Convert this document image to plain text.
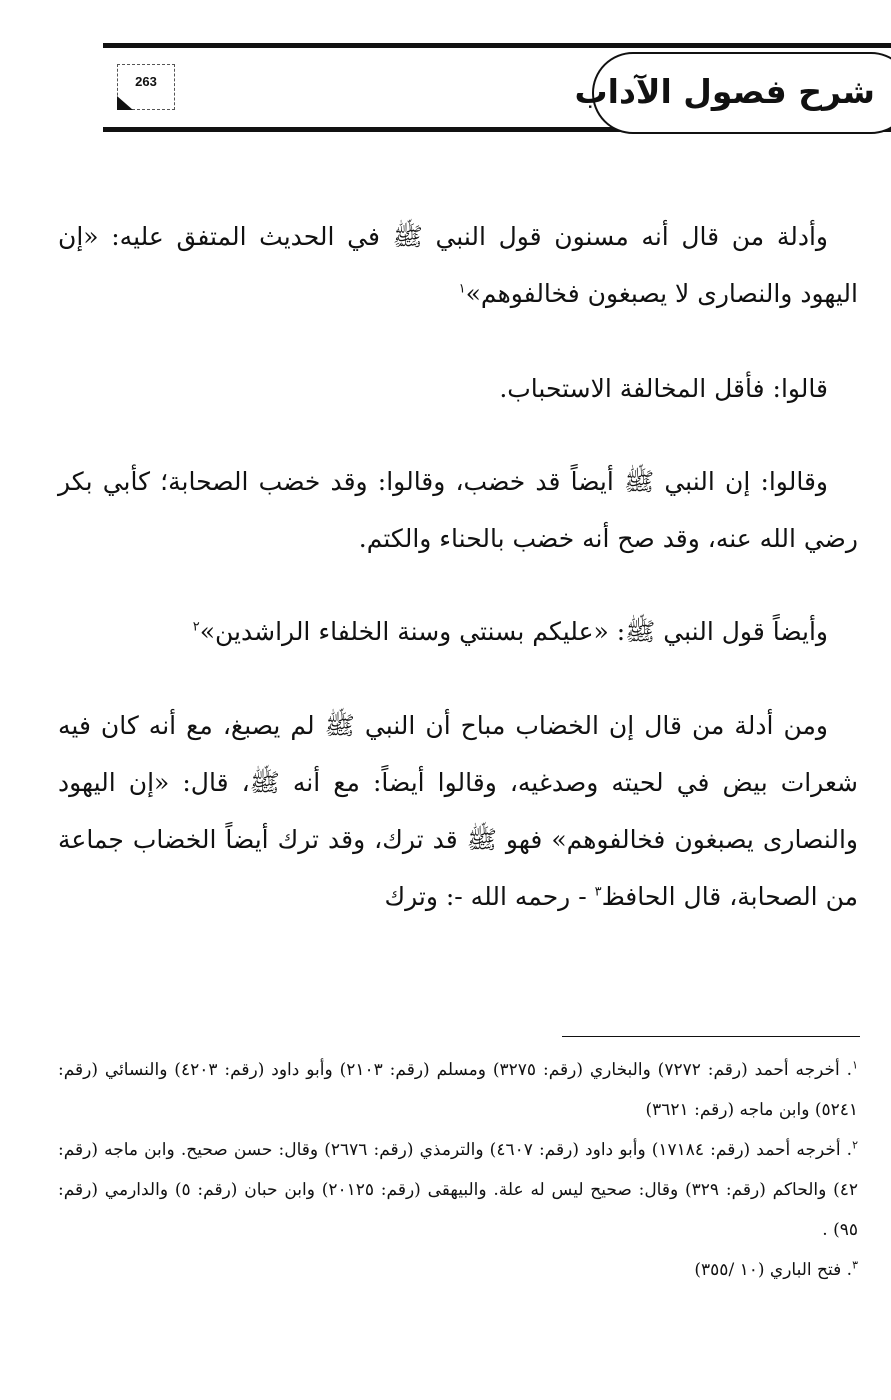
شرح فصول الآداب
263

وأدلة من قال أنه مسنون قول النبي ﷺ في الحديث المتفق عليه: «إن اليهود والنصارى لا يصبغون فخالفوهم»$^١$

قالوا: فأقل المخالفة الاستحباب.

وقالوا: إن النبي ﷺ أيضاً قد خضب، وقالوا: وقد خضب الصحابة؛ كأبي بكر رضي الله عنه، وقد صح أنه خضب بالحناء والكتم.

وأيضاً قول النبي ﷺ: «عليكم بسنتي وسنة الخلفاء الراشدين»$^٢$

ومن أدلة من قال إن الخضاب مباح أن النبي ﷺ لم يصبغ، مع أنه كان فيه شعرات بيض في لحيته وصدغيه، وقالوا أيضاً: مع أنه ﷺ، قال: «إن اليهود والنصارى يصبغون فخالفوهم» فهو ﷺ قد ترك، وقد ترك أيضاً الخضاب جماعة من الصحابة، قال الحافظ$^٣$ - رحمه الله -: وترك

$^١$. أخرجه أحمد (رقم: ٧٢٧٢) والبخاري (رقم: ٣٢٧٥) ومسلم (رقم: ٢١٠٣) وأبو داود (رقم: ٤٢٠٣) والنسائي (رقم: ٥٢٤١) وابن ماجه (رقم: ٣٦٢١)

$^٢$. أخرجه أحمد (رقم: ١٧١٨٤) وأبو داود (رقم: ٤٦٠٧) والترمذي (رقم: ٢٦٧٦) وقال: حسن صحيح. وابن ماجه (رقم: ٤٢) والحاكم (رقم: ٣٢٩) وقال: صحيح ليس له علة. والبيهقى (رقم: ٢٠١٢٥) وابن حبان (رقم: ٥) والدارمي (رقم: ٩٥) .

$^٣$. فتح الباري (١٠ /٣٥٥)
